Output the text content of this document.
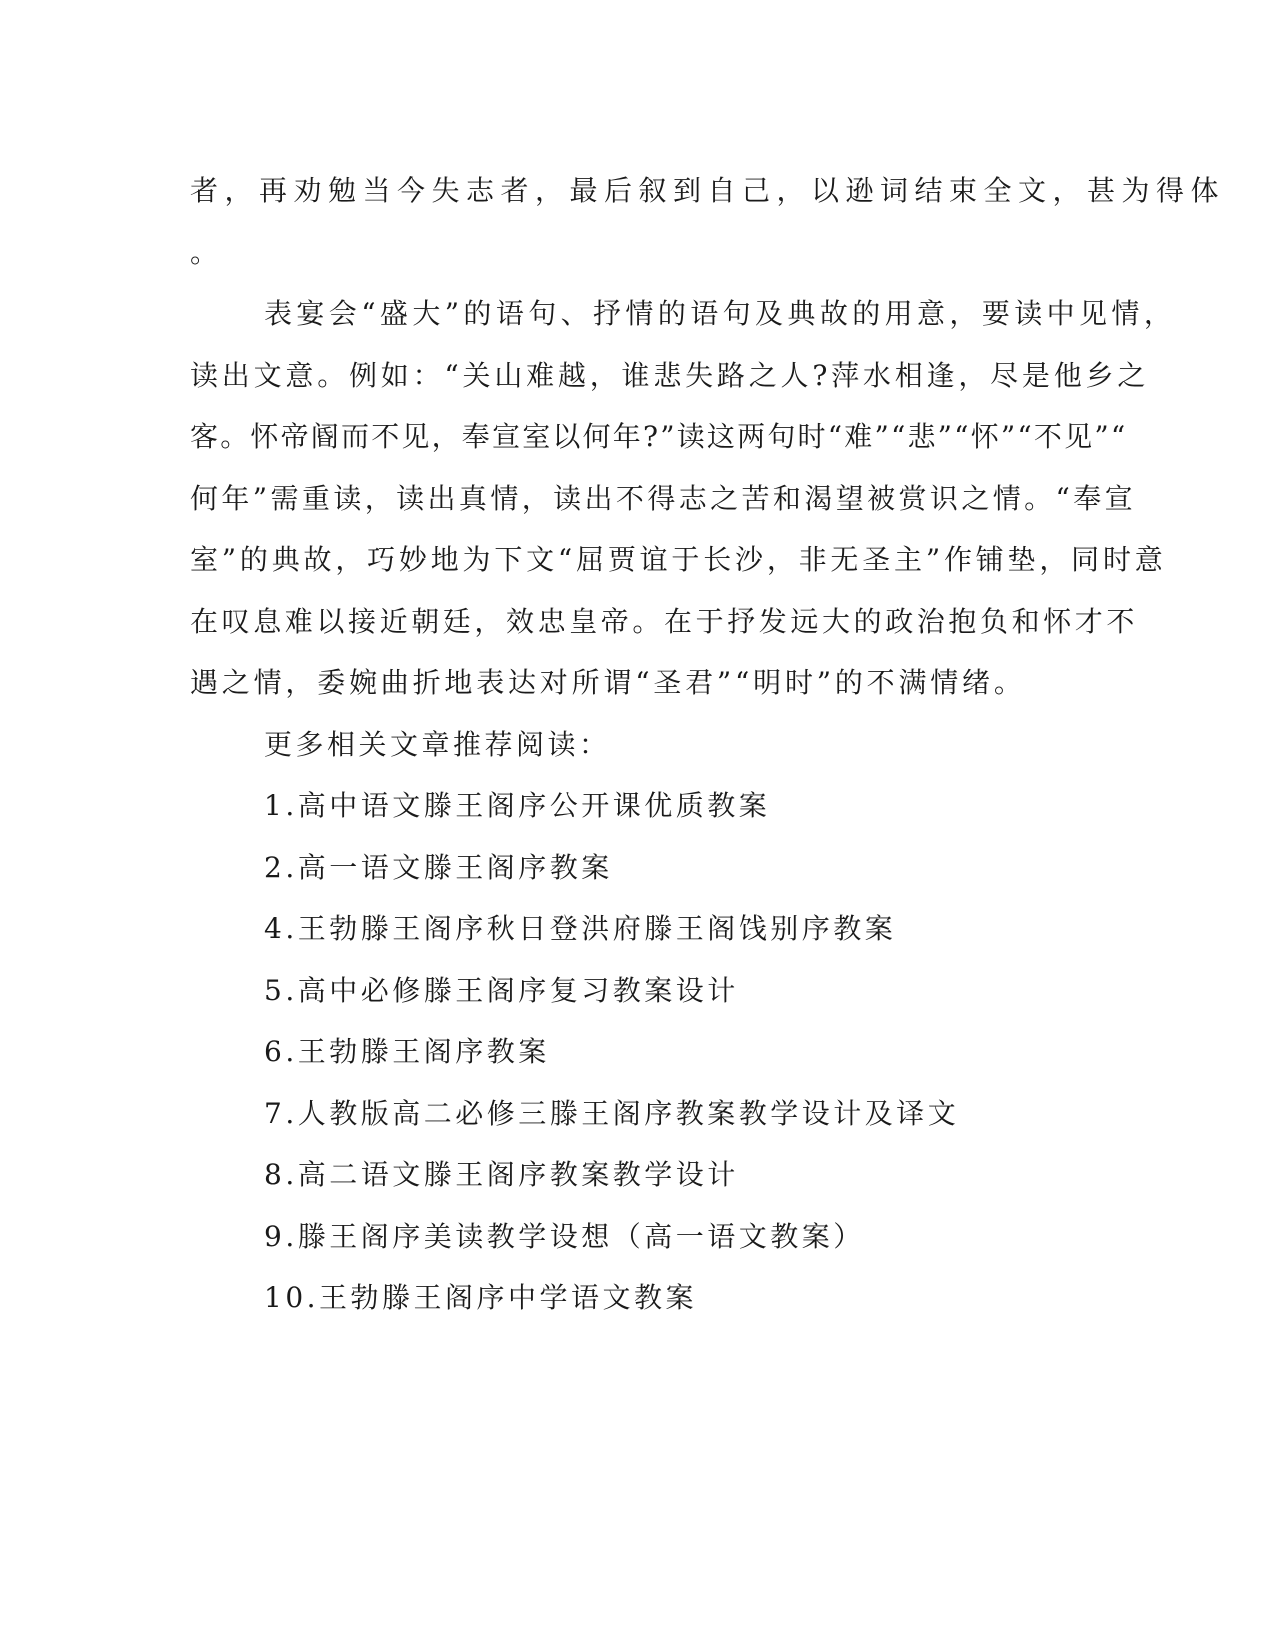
者，再劝勉当今失志者，最后叙到自己，以逊词结束全文，甚为得体
。
表宴会“盛大”的语句、抒情的语句及典故的用意，要读中见情，
读出文意。例如：“关山难越，谁悲失路之人?萍水相逢，尽是他乡之
客。怀帝阍而不见，奉宣室以何年?”读这两句时“难”“悲”“怀”“不见”“
何年”需重读，读出真情，读出不得志之苦和渴望被赏识之情。“奉宣
室”的典故，巧妙地为下文“屈贾谊于长沙，非无圣主”作铺垫，同时意
在叹息难以接近朝廷，效忠皇帝。在于抒发远大的政治抱负和怀才不
遇之情，委婉曲折地表达对所谓“圣君”“明时”的不满情绪。
更多相关文章推荐阅读：
1.高中语文滕王阁序公开课优质教案
2.高一语文滕王阁序教案
4.王勃滕王阁序秋日登洪府滕王阁饯别序教案
5.高中必修滕王阁序复习教案设计
6.王勃滕王阁序教案
7.人教版高二必修三滕王阁序教案教学设计及译文
8.高二语文滕王阁序教案教学设计
9.滕王阁序美读教学设想（高一语文教案）
10.王勃滕王阁序中学语文教案
